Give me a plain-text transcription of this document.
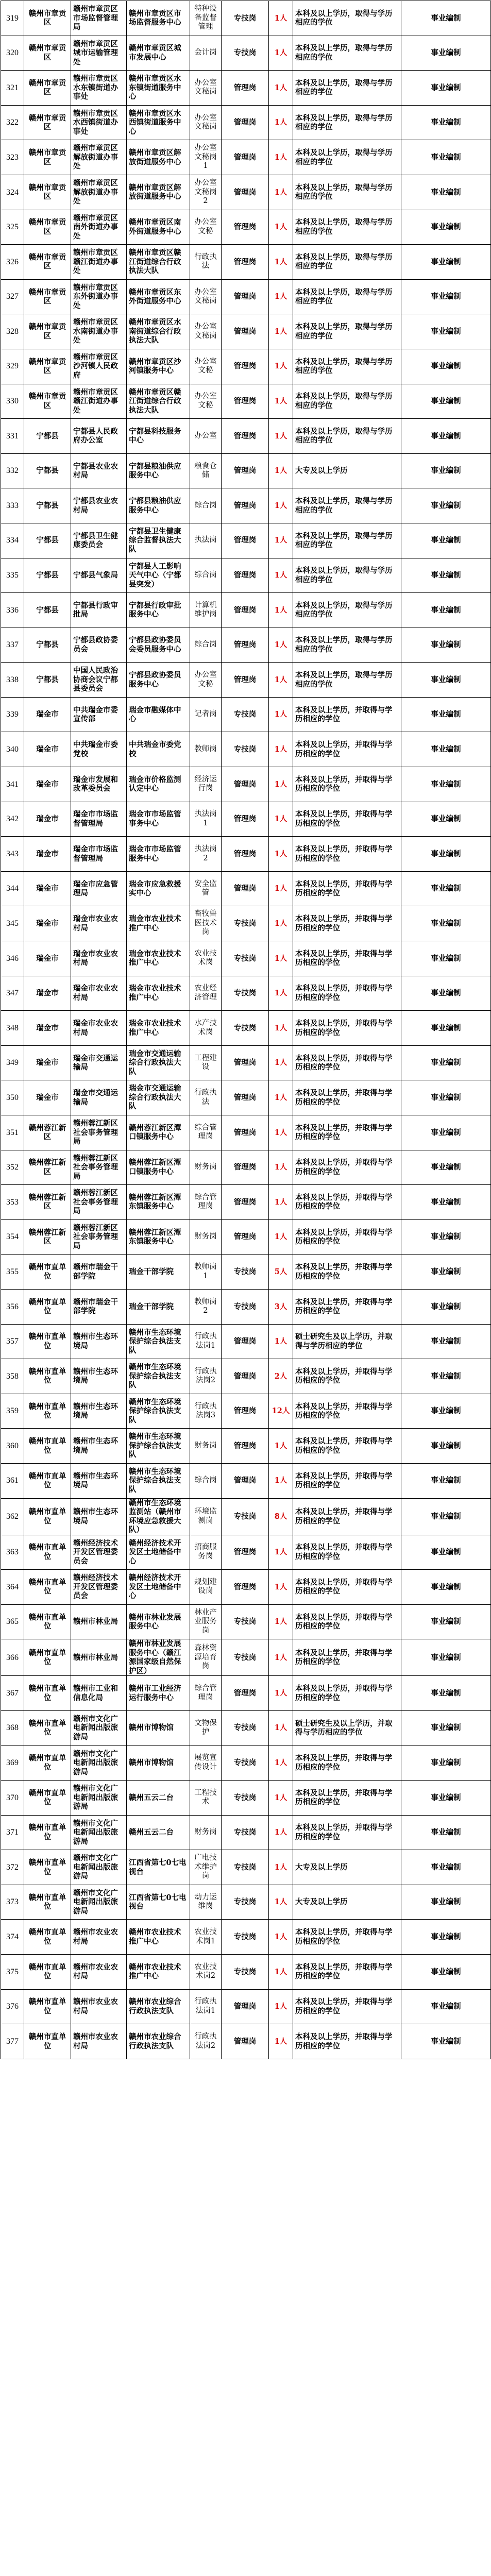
319	赣州市章贡区	赣州市章贡区市场监督管理局	赣州市章贡区市场监督服务中心	特种设备监督管理	专技岗	1人	本科及以上学历，取得与学历相应的学位	事业编制
320	赣州市章贡区	赣州市章贡区城市运输管理处	赣州市章贡区城市发展中心	会计岗	专技岗	1人	本科及以上学历，取得与学历相应的学位	事业编制
321	赣州市章贡区	赣州市章贡区水东镇街道办事处	赣州市章贡区水东镇街道服务中心	办公室文秘岗	管理岗	1人	本科及以上学历，取得与学历相应的学位	事业编制
322	赣州市章贡区	赣州市章贡区水西镇街道办事处	赣州市章贡区水西镇街道服务中心	办公室文秘岗	管理岗	1人	本科及以上学历，取得与学历相应的学位	事业编制
323	赣州市章贡区	赣州市章贡区解放街道办事处	赣州市章贡区解放街道服务中心	办公室文秘岗1	管理岗	1人	本科及以上学历，取得与学历相应的学位	事业编制
324	赣州市章贡区	赣州市章贡区解放街道办事处	赣州市章贡区解放街道服务中心	办公室文秘岗2	管理岗	1人	本科及以上学历，取得与学历相应的学位	事业编制
325	赣州市章贡区	赣州市章贡区南外街道办事处	赣州市章贡区南外街道服务中心	办公室文秘	管理岗	1人	本科及以上学历，取得与学历相应的学位	事业编制
326	赣州市章贡区	赣州市章贡区赣江街道办事处	赣州市章贡区赣江街道综合行政执法大队	行政执法	管理岗	1人	本科及以上学历，取得与学历相应的学位	事业编制
327	赣州市章贡区	赣州市章贡区东外街道办事处	赣州市章贡区东外街道服务中心	办公室文秘岗	管理岗	1人	本科及以上学历，取得与学历相应的学位	事业编制
328	赣州市章贡区	赣州市章贡区水南街道办事处	赣州市章贡区水南街道综合行政执法大队	办公室文秘岗	管理岗	1人	本科及以上学历，取得与学历相应的学位	事业编制
329	赣州市章贡区	赣州市章贡区沙河镇人民政府	赣州市章贡区沙河镇服务中心	办公室文秘	管理岗	1人	本科及以上学历，取得与学历相应的学位	事业编制
330	赣州市章贡区	赣州市章贡区赣江街道办事处	赣州市章贡区赣江街道综合行政执法大队	办公室文秘	管理岗	1人	本科及以上学历，取得与学历相应的学位	事业编制
331	宁都县	宁都县人民政府办公室	宁都县科技服务中心	办公室	管理岗	1人	本科及以上学历，取得与学历相应的学位	事业编制
332	宁都县	宁都县农业农村局	宁都县粮油供应服务中心	粮食仓储	管理岗	1人	大专及以上学历	事业编制
333	宁都县	宁都县农业农村局	宁都县粮油供应服务中心	综合岗	管理岗	1人	本科及以上学历，取得与学历相应的学位	事业编制
334	宁都县	宁都县卫生健康委员会	宁都县卫生健康综合监督执法大队	执法岗	管理岗	1人	本科及以上学历，取得与学历相应的学位	事业编制
335	宁都县	宁都县气象局	宁都县人工影响天气中心（宁都县突发）	综合岗	管理岗	1人	本科及以上学历，取得与学历相应的学位	事业编制
336	宁都县	宁都县行政审批局	宁都县行政审批服务中心	计算机维护岗	管理岗	1人	本科及以上学历，取得与学历相应的学位	事业编制
337	宁都县	宁都县政协委员会	宁都县政协委员会委员服务中心	综合岗	管理岗	1人	本科及以上学历，取得与学历相应的学位	事业编制
338	宁都县	中国人民政治协商会议宁都县委员会	宁都县政协委员服务中心	办公室文秘	管理岗	1人	本科及以上学历，取得与学历相应的学位	事业编制
339	瑞金市	中共瑞金市委宣传部	瑞金市融媒体中心	记者岗	专技岗	1人	本科及以上学历，并取得与学历相应的学位	事业编制
340	瑞金市	中共瑞金市委党校	中共瑞金市委党校	教师岗	专技岗	1人	本科及以上学历，并取得与学历相应的学位	事业编制
341	瑞金市	瑞金市发展和改革委员会	瑞金市价格监测认定中心	经济运行岗	管理岗	1人	本科及以上学历，并取得与学历相应的学位	事业编制
342	瑞金市	瑞金市市场监督管理局	瑞金市市场监管事务中心	执法岗1	管理岗	1人	本科及以上学历，并取得与学历相应的学位	事业编制
343	瑞金市	瑞金市市场监督管理局	瑞金市市场监管服务中心	执法岗2	管理岗	1人	本科及以上学历，并取得与学历相应的学位	事业编制
344	瑞金市	瑞金市应急管理局	瑞金市应急救援实中心	安全监管	管理岗	1人	本科及以上学历，并取得与学历相应的学位	事业编制
345	瑞金市	瑞金市农业农村局	瑞金市农业技术推广中心	畜牧兽医技术岗	专技岗	1人	本科及以上学历，并取得与学历相应的学位	事业编制
346	瑞金市	瑞金市农业农村局	瑞金市农业技术推广中心	农业技术岗	专技岗	1人	本科及以上学历，并取得与学历相应的学位	事业编制
347	瑞金市	瑞金市农业农村局	瑞金市农业技术推广中心	农业经济管理	专技岗	1人	本科及以上学历，并取得与学历相应的学位	事业编制
348	瑞金市	瑞金市农业农村局	瑞金市农业技术推广中心	水产技术岗	专技岗	1人	本科及以上学历，并取得与学历相应的学位	事业编制
349	瑞金市	瑞金市交通运输局	瑞金市交通运输综合行政执法大队	工程建设	管理岗	1人	本科及以上学历，并取得与学历相应的学位	事业编制
350	瑞金市	瑞金市交通运输局	瑞金市交通运输综合行政执法大队	行政执法	管理岗	1人	本科及以上学历，并取得与学历相应的学位	事业编制
351	赣州蓉江新区	赣州蓉江新区社会事务管理局	赣州蓉江新区潭口镇服务中心	综合管理岗	管理岗	1人	本科及以上学历，并取得与学历相应的学位	事业编制
352	赣州蓉江新区	赣州蓉江新区社会事务管理局	赣州蓉江新区潭口镇服务中心	财务岗	管理岗	1人	本科及以上学历，并取得与学历相应的学位	事业编制
353	赣州蓉江新区	赣州蓉江新区社会事务管理局	赣州蓉江新区潭东镇服务中心	综合管理岗	管理岗	1人	本科及以上学历，并取得与学历相应的学位	事业编制
354	赣州蓉江新区	赣州蓉江新区社会事务管理局	赣州蓉江新区潭东镇服务中心	财务岗	管理岗	1人	本科及以上学历，并取得与学历相应的学位	事业编制
355	赣州市直单位	赣州市瑞金干部学院	瑞金干部学院	教师岗1	专技岗	5人	本科及以上学历，并取得与学历相应的学位	事业编制
356	赣州市直单位	赣州市瑞金干部学院	瑞金干部学院	教师岗2	专技岗	3人	本科及以上学历，并取得与学历相应的学位	事业编制
357	赣州市直单位	赣州市生态环境局	赣州市生态环境保护综合执法支队	行政执法岗1	管理岗	1人	硕士研究生及以上学历，并取得与学历相应的学位	事业编制
358	赣州市直单位	赣州市生态环境局	赣州市生态环境保护综合执法支队	行政执法岗2	管理岗	2人	本科及以上学历，并取得与学历相应的学位	事业编制
359	赣州市直单位	赣州市生态环境局	赣州市生态环境保护综合执法支队	行政执法岗3	管理岗	12人	本科及以上学历，并取得与学历相应的学位	事业编制
360	赣州市直单位	赣州市生态环境局	赣州市生态环境保护综合执法支队	财务岗	管理岗	1人	本科及以上学历，并取得与学历相应的学位	事业编制
361	赣州市直单位	赣州市生态环境局	赣州市生态环境保护综合执法支队	综合岗	管理岗	1人	本科及以上学历，并取得与学历相应的学位	事业编制
362	赣州市直单位	赣州市生态环境局	赣州市生态环境监测站（赣州市环境应急救援大队）	环境监测岗	专技岗	8人	本科及以上学历，并取得与学历相应的学位	事业编制
363	赣州市直单位	赣州经济技术开发区管理委员会	赣州经济技术开发区土地储备中心	招商服务岗	管理岗	1人	本科及以上学历，并取得与学历相应的学位	事业编制
364	赣州市直单位	赣州经济技术开发区管理委员会	赣州经济技术开发区土地储备中心	规划建设岗	管理岗	1人	本科及以上学历，并取得与学历相应的学位	事业编制
365	赣州市直单位	赣州市林业局	赣州市林业发展服务中心	林业产业服务岗	专技岗	1人	本科及以上学历，并取得与学历相应的学位	事业编制
366	赣州市直单位	赣州市林业局	赣州市林业发展服务中心（赣江源国家级自然保护区）	森林资源培育岗	专技岗	1人	本科及以上学历，并取得与学历相应的学位	事业编制
367	赣州市直单位	赣州市工业和信息化局	赣州市工业经济运行服务中心	综合管理岗	管理岗	1人	本科及以上学历，并取得与学历相应的学位	事业编制
368	赣州市直单位	赣州市文化广电新闻出版旅游局	赣州市博物馆	文物保护	专技岗	1人	硕士研究生及以上学历，并取得与学历相应的学位	事业编制
369	赣州市直单位	赣州市文化广电新闻出版旅游局	赣州市博物馆	展览宣传设计	专技岗	1人	本科及以上学历，并取得与学历相应的学位	事业编制
370	赣州市直单位	赣州市文化广电新闻出版旅游局	赣州五云二台	工程技术	专技岗	1人	本科及以上学历，并取得与学历相应的学位	事业编制
371	赣州市直单位	赣州市文化广电新闻出版旅游局	赣州五云二台	财务岗	专技岗	1人	本科及以上学历，并取得与学历相应的学位	事业编制
372	赣州市直单位	赣州市文化广电新闻出版旅游局	江西省第七0七电视台	广电技术维护岗	专技岗	1人	大专及以上学历	事业编制
373	赣州市直单位	赣州市文化广电新闻出版旅游局	江西省第七0七电视台	动力运维岗	专技岗	1人	大专及以上学历	事业编制
374	赣州市直单位	赣州市农业农村局	赣州市农业技术推广中心	农业技术岗1	专技岗	1人	本科及以上学历，并取得与学历相应的学位	事业编制
375	赣州市直单位	赣州市农业农村局	赣州市农业技术推广中心	农业技术岗2	专技岗	1人	本科及以上学历，并取得与学历相应的学位	事业编制
376	赣州市直单位	赣州市农业农村局	赣州市农业综合行政执法支队	行政执法岗1	管理岗	1人	本科及以上学历，并取得与学历相应的学位	事业编制
377	赣州市直单位	赣州市农业农村局	赣州市农业综合行政执法支队	行政执法岗2	管理岗	1人	本科及以上学历，并取得与学历相应的学位	事业编制
